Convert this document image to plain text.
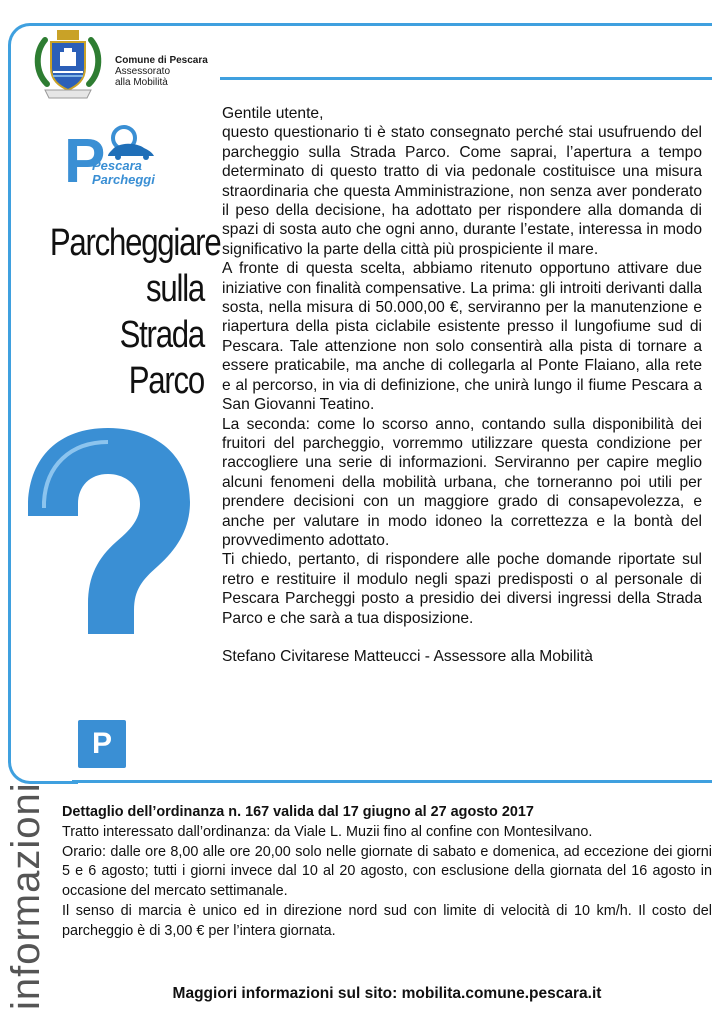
Comune di Pescara
Assessorato
alla Mobilità
P
Pescara
Parcheggi
Parcheggiare
sulla
Strada
Parco
P

Gentile utente,

questo questionario ti è stato consegnato perché stai usufruendo del parcheggio sulla Strada Parco. Come saprai, l’apertura a tempo determinato di questo tratto di via pedonale costituisce una misura straordinaria che questa Amministrazione, non senza aver ponderato il peso della decisione, ha adottato per rispondere alla domanda di spazi di sosta auto che ogni anno, durante l’estate, interessa in modo significativo la parte della città più prospiciente il mare.

A fronte di questa scelta, abbiamo ritenuto opportuno attivare due iniziative con finalità compensative. La prima: gli introiti derivanti dalla sosta, nella misura di 50.000,00 €, serviranno per la manutenzione e riapertura della pista ciclabile esistente presso il lungofiume sud di Pescara. Tale attenzione non solo consentirà alla pista di tornare a essere praticabile, ma anche di collegarla al Ponte Flaiano, alla rete e al percorso, in via di definizione, che unirà lungo il fiume Pescara a San Giovanni Teatino.

La seconda: come lo scorso anno, contando sulla disponibilità dei fruitori del parcheggio, vorremmo utilizzare questa condizione per raccogliere una serie di informazioni. Serviranno per capire meglio alcuni fenomeni della mobilità urbana, che torneranno poi utili per prendere decisioni con un maggiore grado di consapevolezza, e anche per valutare in modo idoneo la correttezza e la bontà del provvedimento adottato.

Ti chiedo, pertanto, di rispondere alle poche domande riportate sul retro e restituire il modulo negli spazi predisposti o al personale di Pescara Parcheggi posto a presidio dei diversi ingressi della Strada Parco e che sarà a tua disposizione.

Stefano Civitarese Matteucci - Assessore alla Mobilità

informazioni Dettaglio dell’ordinanza n. 167 valida dal 17 giugno al 27 agosto 2017

Tratto interessato dall’ordinanza: da Viale L. Muzii fino al confine con Montesilvano.

Orario: dalle ore 8,00 alle ore 20,00 solo nelle giornate di sabato e domenica, ad eccezione dei giorni 5 e 6 agosto; tutti i giorni invece dal 10 al 20 agosto, con esclusione della giornata del 16 agosto in occasione del mercato settimanale.

Il senso di marcia è unico ed in direzione nord sud con limite di velocità di 10 km/h. Il costo del parcheggio è di 3,00 € per l’intera giornata.

Maggiori informazioni sul sito: mobilita.comune.pescara.it
